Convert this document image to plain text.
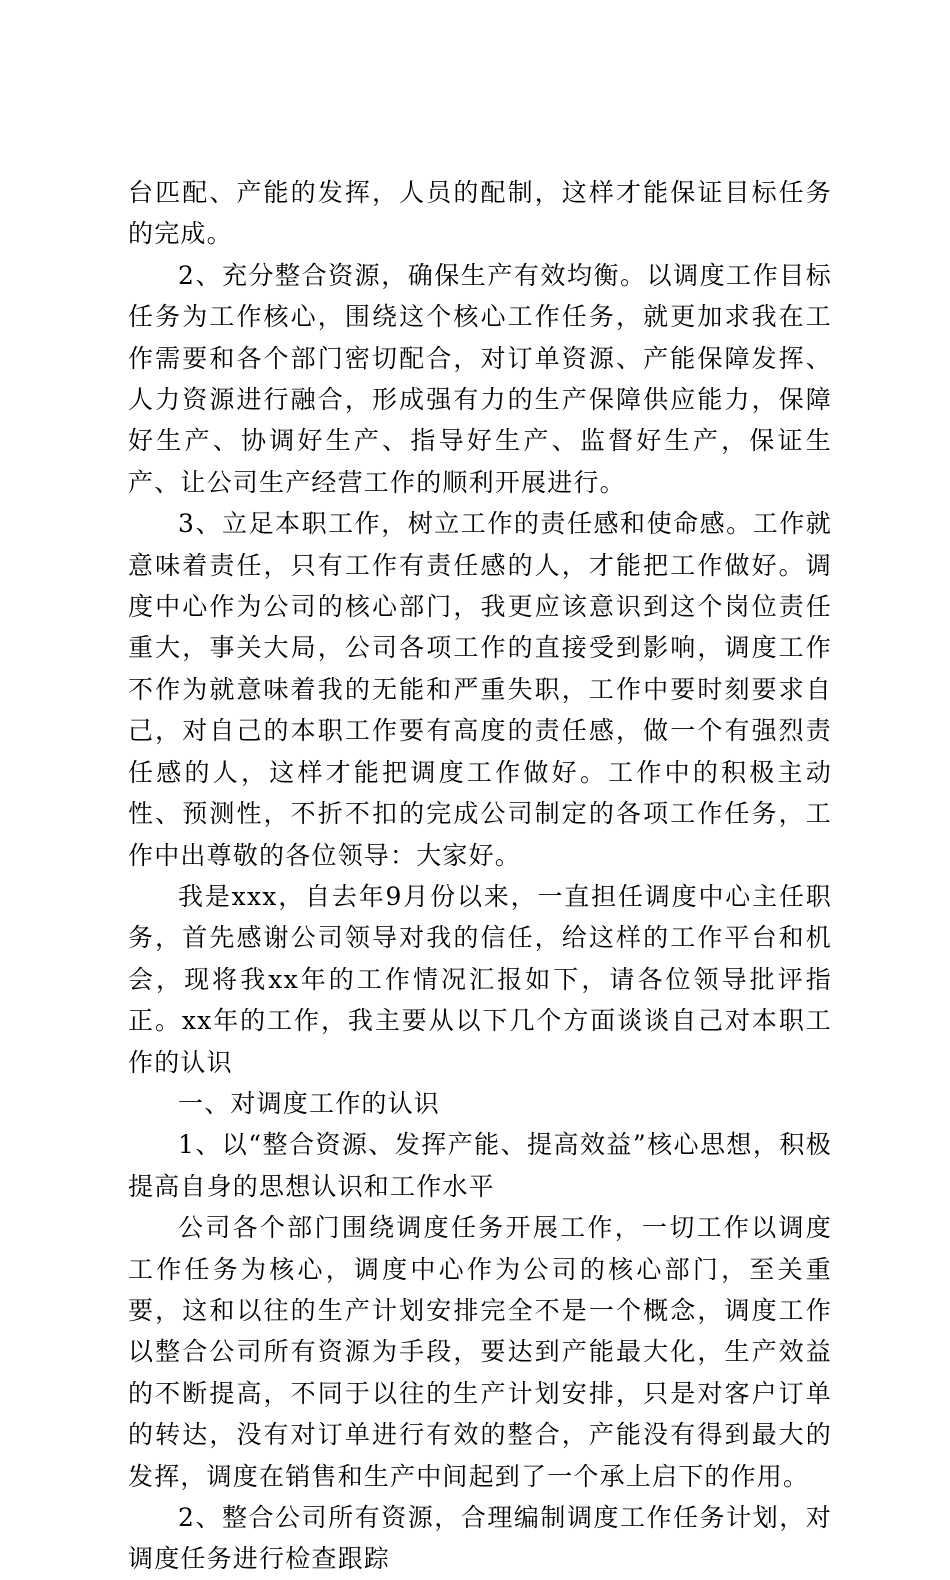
台匹配、产能的发挥，人员的配制，这样才能保证目标任务的完成。

2、充分整合资源，确保生产有效均衡。以调度工作目标任务为工作核心，围绕这个核心工作任务，就更加求我在工作需要和各个部门密切配合，对订单资源、产能保障发挥、人力资源进行融合，形成强有力的生产保障供应能力，保障好生产、协调好生产、指导好生产、监督好生产，保证生产、让公司生产经营工作的顺利开展进行。

3、立足本职工作，树立工作的责任感和使命感。工作就意味着责任，只有工作有责任感的人，才能把工作做好。调度中心作为公司的核心部门，我更应该意识到这个岗位责任重大，事关大局，公司各项工作的直接受到影响，调度工作不作为就意味着我的无能和严重失职，工作中要时刻要求自己，对自己的本职工作要有高度的责任感，做一个有强烈责任感的人，这样才能把调度工作做好。工作中的积极主动性、预测性，不折不扣的完成公司制定的各项工作任务，工作中出尊敬的各位领导：大家好。

我是xxx，自去年9月份以来，一直担任调度中心主任职务，首先感谢公司领导对我的信任，给这样的工作平台和机会，现将我xx年的工作情况汇报如下，请各位领导批评指正。xx年的工作，我主要从以下几个方面谈谈自己对本职工作的认识

一、对调度工作的认识

1、以“整合资源、发挥产能、提高效益”核心思想，积极提高自身的思想认识和工作水平

公司各个部门围绕调度任务开展工作，一切工作以调度工作任务为核心，调度中心作为公司的核心部门，至关重要，这和以往的生产计划安排完全不是一个概念，调度工作以整合公司所有资源为手段，要达到产能最大化，生产效益的不断提高，不同于以往的生产计划安排，只是对客户订单的转达，没有对订单进行有效的整合，产能没有得到最大的发挥，调度在销售和生产中间起到了一个承上启下的作用。

2、整合公司所有资源，合理编制调度工作任务计划，对调度任务进行检查跟踪
